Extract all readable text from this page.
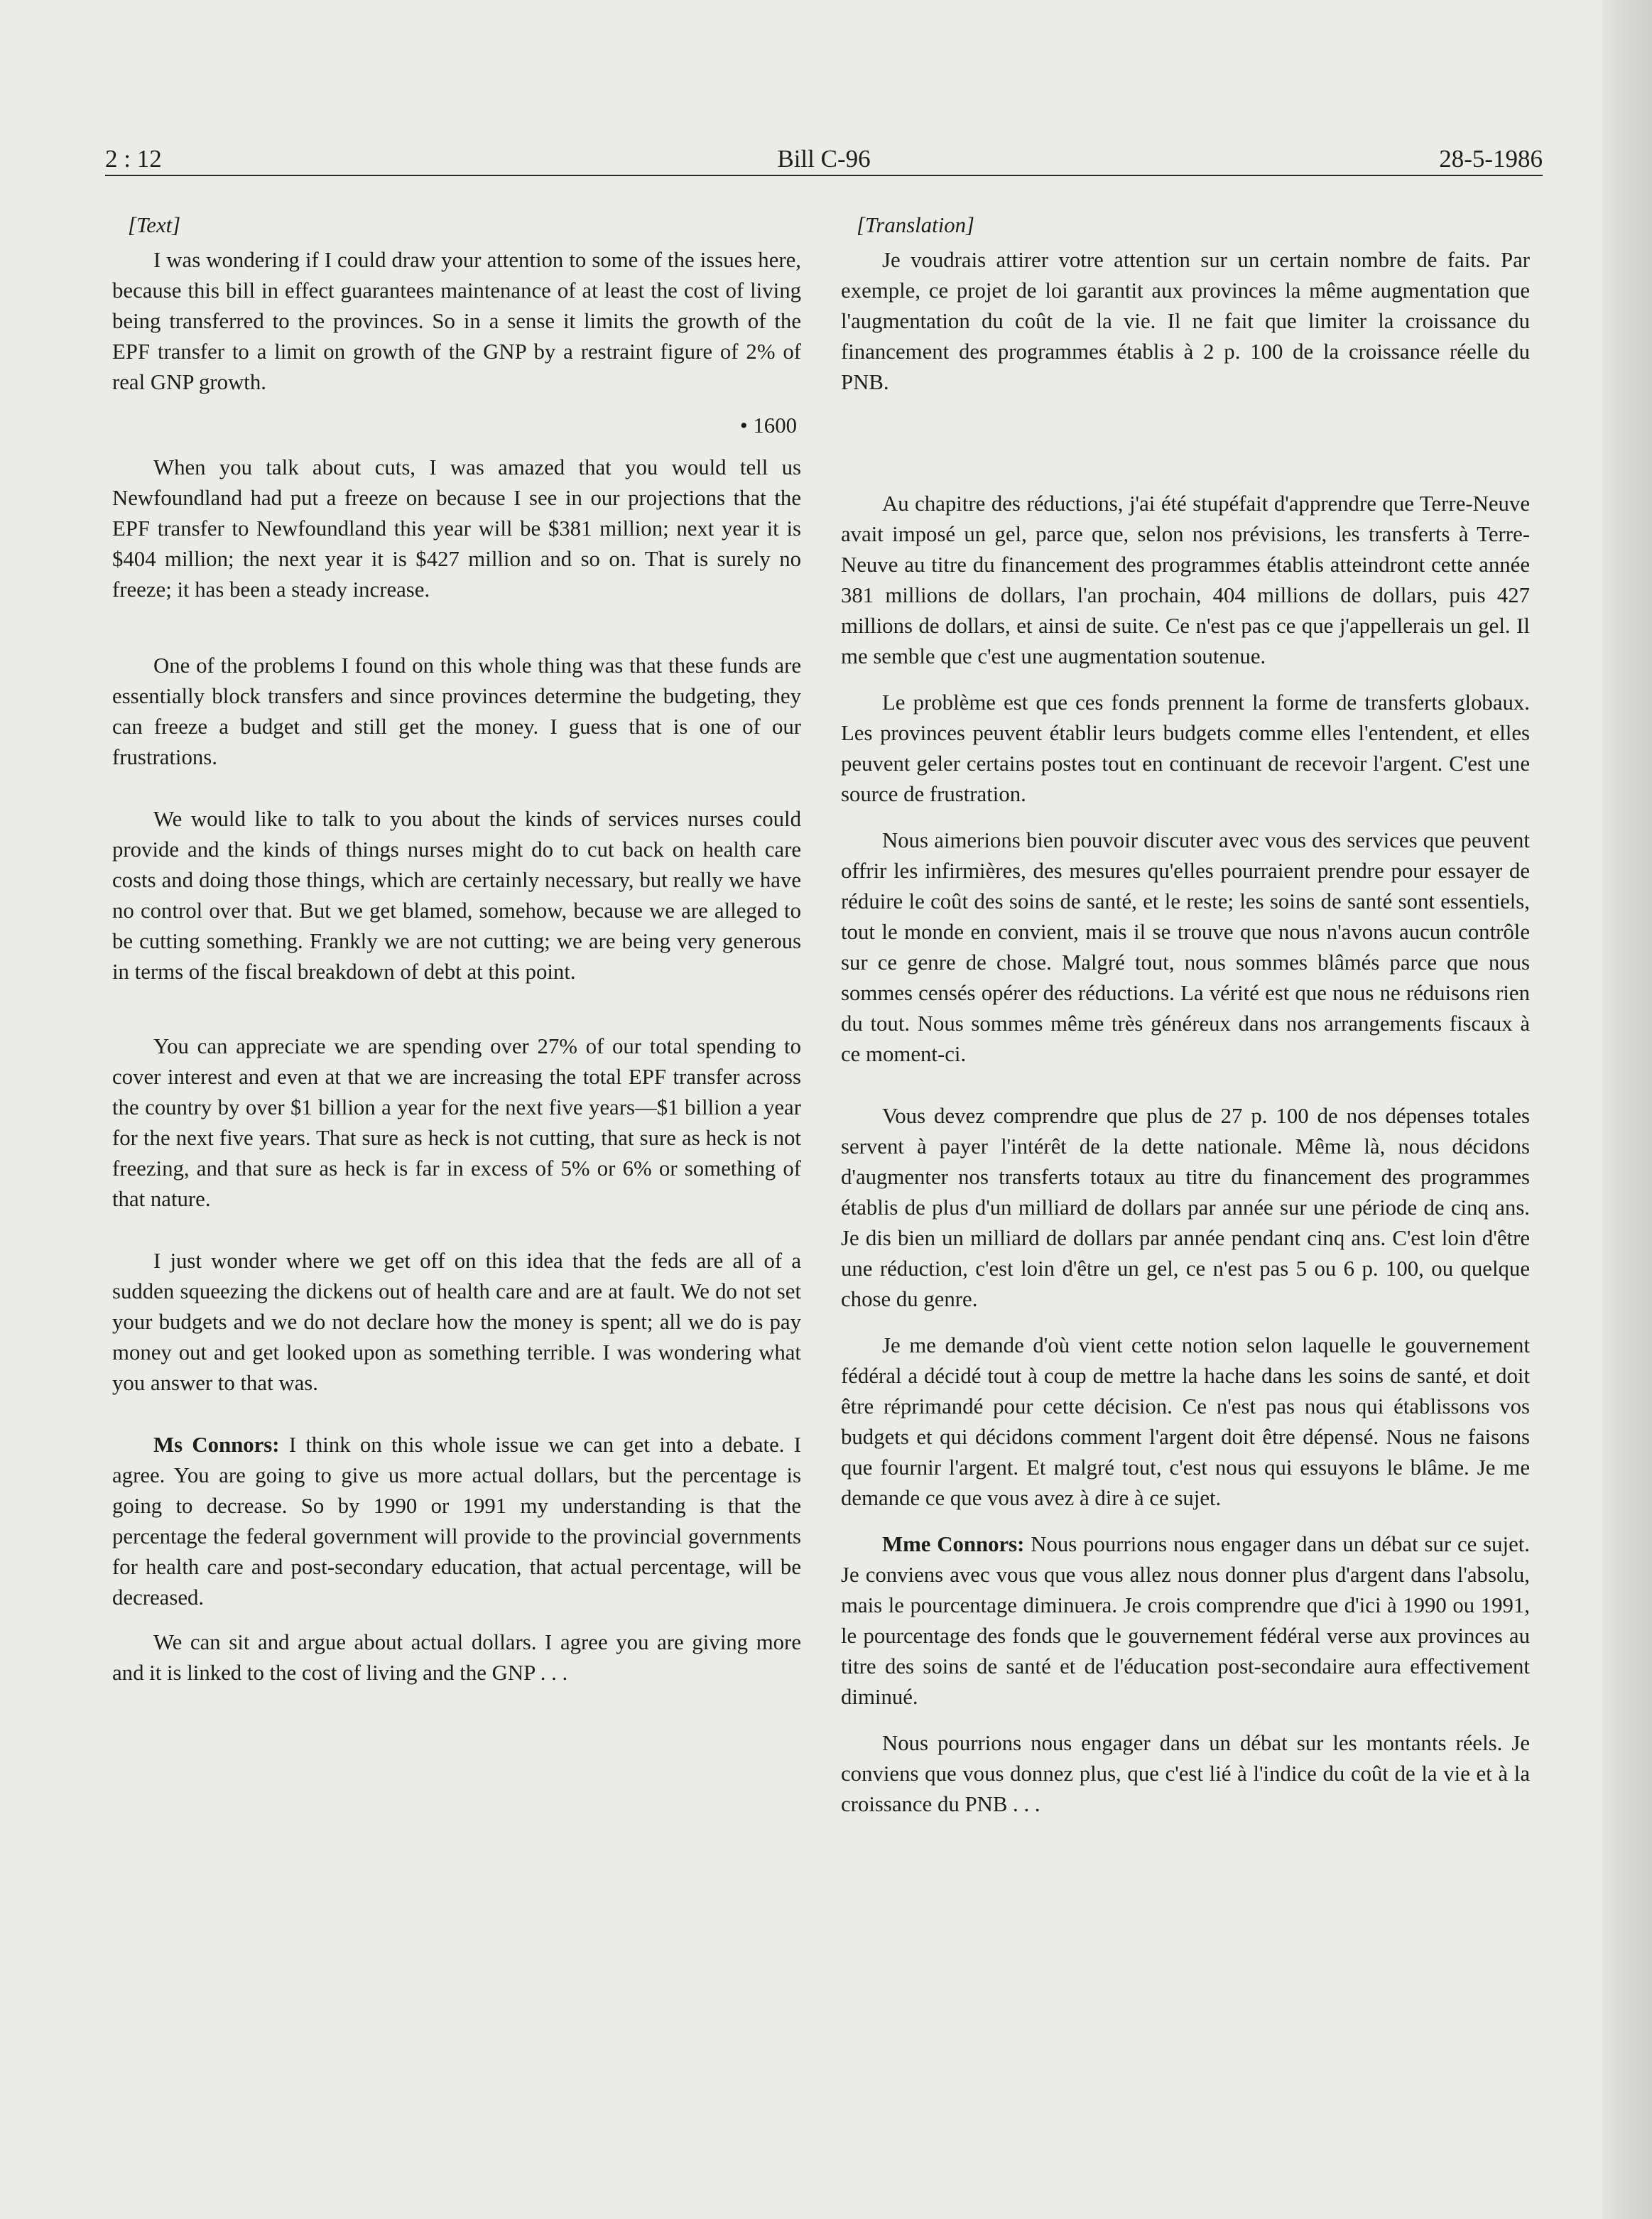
2 : 12	Bill C-96	28-5-1986
[Text]

I was wondering if I could draw your attention to some of the issues here, because this bill in effect guarantees maintenance of at least the cost of living being transferred to the provinces. So in a sense it limits the growth of the EPF transfer to a limit on growth of the GNP by a restraint figure of 2% of real GNP growth.

• 1600

When you talk about cuts, I was amazed that you would tell us Newfoundland had put a freeze on because I see in our projections that the EPF transfer to Newfoundland this year will be $381 million; next year it is $404 million; the next year it is $427 million and so on. That is surely no freeze; it has been a steady increase.

One of the problems I found on this whole thing was that these funds are essentially block transfers and since provinces determine the budgeting, they can freeze a budget and still get the money. I guess that is one of our frustrations.

We would like to talk to you about the kinds of services nurses could provide and the kinds of things nurses might do to cut back on health care costs and doing those things, which are certainly necessary, but really we have no control over that. But we get blamed, somehow, because we are alleged to be cutting something. Frankly we are not cutting; we are being very generous in terms of the fiscal breakdown of debt at this point.

You can appreciate we are spending over 27% of our total spending to cover interest and even at that we are increasing the total EPF transfer across the country by over $1 billion a year for the next five years—$1 billion a year for the next five years. That sure as heck is not cutting, that sure as heck is not freezing, and that sure as heck is far in excess of 5% or 6% or something of that nature.

I just wonder where we get off on this idea that the feds are all of a sudden squeezing the dickens out of health care and are at fault. We do not set your budgets and we do not declare how the money is spent; all we do is pay money out and get looked upon as something terrible. I was wondering what you answer to that was.

Ms Connors: I think on this whole issue we can get into a debate. I agree. You are going to give us more actual dollars, but the percentage is going to decrease. So by 1990 or 1991 my understanding is that the percentage the federal government will provide to the provincial governments for health care and post-secondary education, that actual percentage, will be decreased.

We can sit and argue about actual dollars. I agree you are giving more and it is linked to the cost of living and the GNP . . .

[Translation]

Je voudrais attirer votre attention sur un certain nombre de faits. Par exemple, ce projet de loi garantit aux provinces la même augmentation que l'augmentation du coût de la vie. Il ne fait que limiter la croissance du financement des programmes établis à 2 p. 100 de la croissance réelle du PNB.

Au chapitre des réductions, j'ai été stupéfait d'apprendre que Terre-Neuve avait imposé un gel, parce que, selon nos prévisions, les transferts à Terre-Neuve au titre du financement des programmes établis atteindront cette année 381 millions de dollars, l'an prochain, 404 millions de dollars, puis 427 millions de dollars, et ainsi de suite. Ce n'est pas ce que j'appellerais un gel. Il me semble que c'est une augmentation soutenue.

Le problème est que ces fonds prennent la forme de transferts globaux. Les provinces peuvent établir leurs budgets comme elles l'entendent, et elles peuvent geler certains postes tout en continuant de recevoir l'argent. C'est une source de frustration.

Nous aimerions bien pouvoir discuter avec vous des services que peuvent offrir les infirmières, des mesures qu'elles pourraient prendre pour essayer de réduire le coût des soins de santé, et le reste; les soins de santé sont essentiels, tout le monde en convient, mais il se trouve que nous n'avons aucun contrôle sur ce genre de chose. Malgré tout, nous sommes blâmés parce que nous sommes censés opérer des réductions. La vérité est que nous ne réduisons rien du tout. Nous sommes même très généreux dans nos arrangements fiscaux à ce moment-ci.

Vous devez comprendre que plus de 27 p. 100 de nos dépenses totales servent à payer l'intérêt de la dette nationale. Même là, nous décidons d'augmenter nos transferts totaux au titre du financement des programmes établis de plus d'un milliard de dollars par année sur une période de cinq ans. Je dis bien un milliard de dollars par année pendant cinq ans. C'est loin d'être une réduction, c'est loin d'être un gel, ce n'est pas 5 ou 6 p. 100, ou quelque chose du genre.

Je me demande d'où vient cette notion selon laquelle le gouvernement fédéral a décidé tout à coup de mettre la hache dans les soins de santé, et doit être réprimandé pour cette décision. Ce n'est pas nous qui établissons vos budgets et qui décidons comment l'argent doit être dépensé. Nous ne faisons que fournir l'argent. Et malgré tout, c'est nous qui essuyons le blâme. Je me demande ce que vous avez à dire à ce sujet.

Mme Connors: Nous pourrions nous engager dans un débat sur ce sujet. Je conviens avec vous que vous allez nous donner plus d'argent dans l'absolu, mais le pourcentage diminuera. Je crois comprendre que d'ici à 1990 ou 1991, le pourcentage des fonds que le gouvernement fédéral verse aux provinces au titre des soins de santé et de l'éducation post-secondaire aura effectivement diminué.

Nous pourrions nous engager dans un débat sur les montants réels. Je conviens que vous donnez plus, que c'est lié à l'indice du coût de la vie et à la croissance du PNB . . .
